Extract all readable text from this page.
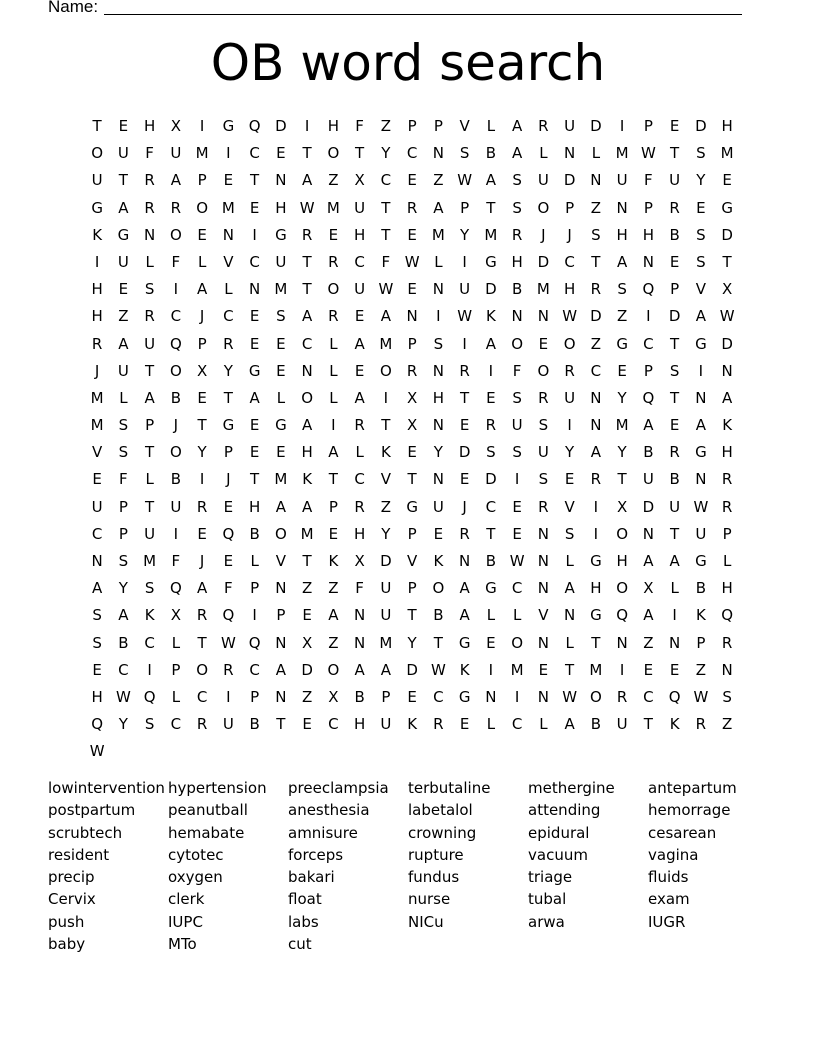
Name:
OB word search
T	E	H	X	I	G Q D	I	H	F	Z	P	P	V	L	A	R	U D	I	P	E	D H
O U	F	U M	I	C	E	T	O	T	Y	C	N	S	B	A	L	N	L	M W T	S	M
U	T	R	A	P	E	T	N	A	Z	X	C	E	Z W A	S	U D N	U	F	U	Y	E
G	A	R	R	O M	E	H W M U	T	R	A	P	T	S	O	P	Z	N	P	R	E	G
K	G N O	E	N	I	G	R	E	H	T	E	M	Y	M R	J	J	S	H H	B	S	D
I	U	L	F	L	V	C	U	T	R	C	F W L	I	G H D	C	T	A	N	E	S	T
H	E	S	I	A	L	N M	T	O U W E	N	U D	B M H	R	S	Q	P	V	X
H	Z	R	C	J	C	E	S	A	R	E	A	N	I	W K	N	N W D	Z	I	D	A W
R	A	U Q	P	R	E	E	C	L	A M	P	S	I	A	O	E	O	Z	G	C	T	G D
J	U	T	O	X	Y	G	E	N	L	E	O	R	N	R	I	F	O	R	C	E	P	S	I	N
M	L	A	B	E	T	A	L	O	L	A	I	X	H	T	E	S	R	U	N	Y	Q	T	N	A
M	S	P	J	T	G	E	G	A	I	R	T	X	N	E	R	U	S	I	N M A	E	A	K
V	S	T	O	Y	P	E	E	H	A	L	K	E	Y	D	S	S	U	Y	A	Y	B	R	G H
E	F	L	B	I	J	T	M K	T	C	V	T	N	E	D	I	S	E	R	T	U	B	N	R
U	P	T	U	R	E	H	A	A	P	R	Z	G U	J	C	E	R	V	I	X	D U W R
C	P	U	I	E	Q	B	O M	E	H	Y	P	E	R	T	E	N	S	I	O N	T	U	P
N	S	M	F	J	E	L	V	T	K	X	D	V	K	N	B W N	L	G H	A	A	G	L
A	Y	S	Q	A	F	P	N	Z	Z	F	U	P	O	A	G	C	N	A	H O	X	L	B	H
S	A	K	X	R	Q	I	P	E	A	N	U	T	B	A	L	L	V	N G Q	A	I	K	Q
S	B	C	L	T W Q N	X	Z	N M	Y	T	G	E	O N	L	T	N	Z	N	P	R
E	C	I	P	O	R	C	A	D O	A	A	D W K	I	M	E	T	M	I	E	E	Z	N
H W Q	L	C	I	P	N	Z	X	B	P	E	C	G N	I	N W O	R	C	Q W S
Q	Y	S	C	R	U	B	T	E	C	H	U	K	R	E	L	C	L	A	B	U	T	K	R	Z
W
lowintervention hypertension	preeclampsia	terbutaline	methergine	antepartum
postpartum	peanutball	anesthesia	labetalol	attending	hemorrage
scrubtech	hemabate	amnisure	crowning	epidural	cesarean
resident	cytotec	forceps	rupture	vacuum	vagina
precip	oxygen	bakari	fundus	triage	fluids
Cervix	clerk	float	nurse	tubal	exam
push	IUPC	labs	NICu	arwa	IUGR
baby	MTo	cut
